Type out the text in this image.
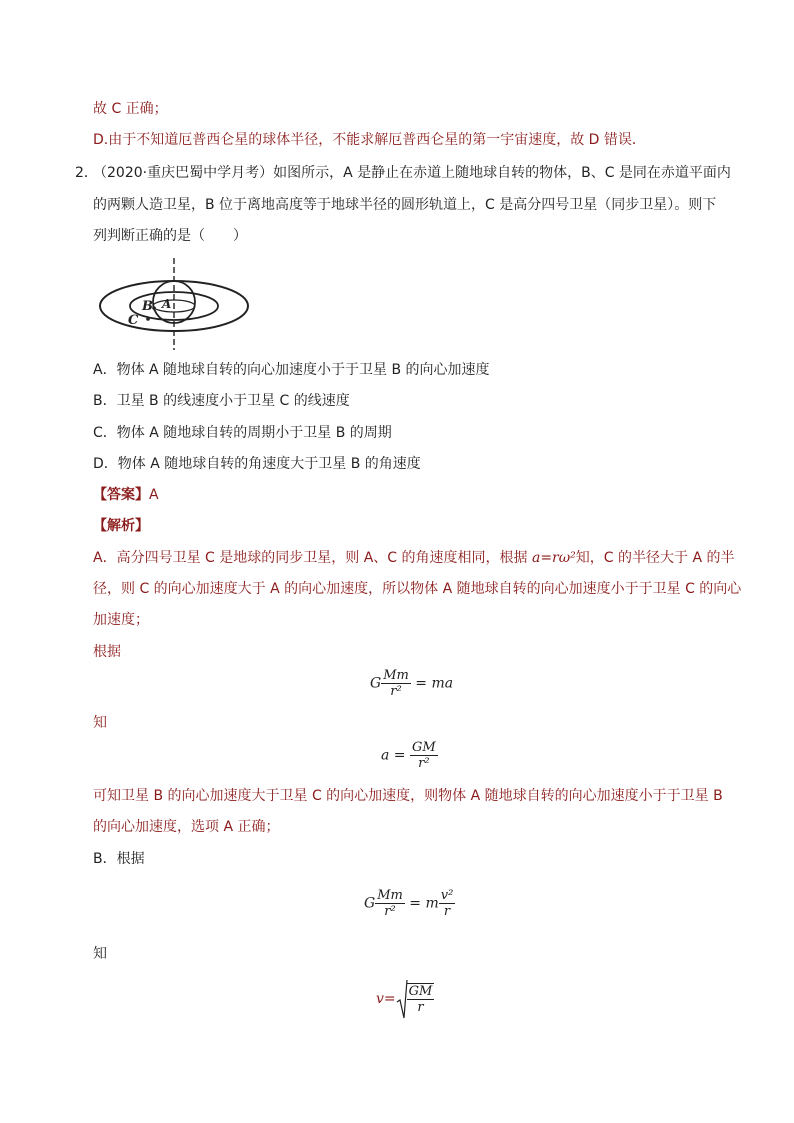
故 C 正确；
D.由于不知道厄普西仑星的球体半径，不能求解厄普西仑星的第一宇宙速度，故 D 错误．
2．
（2020·重庆巴蜀中学月考）如图所示，A 是静止在赤道上随地球自转的物体，B、C 是同在赤道平面内
的两颗人造卫星，B 位于离地高度等于地球半径的圆形轨道上，C 是高分四号卫星（同步卫星）。则下
列判断正确的是（　　）
B A
C
A．物体 A 随地球自转的向心加速度小于于卫星 B 的向心加速度
B．卫星 B 的线速度小于卫星 C 的线速度
C．物体 A 随地球自转的周期小于卫星 B 的周期
D．物体 A 随地球自转的角速度大于卫星 B 的角速度
【答案】A
【解析】
A．高分四号卫星 C 是地球的同步卫星，则 A、C 的角速度相同，根据 a=rω²知，C 的半径大于 A 的半
径，则 C 的向心加速度大于 A 的向心加速度，所以物体 A 随地球自转的向心加速度小于于卫星 C 的向心
加速度；
根据
G $\frac{Mm}{\text{r²}}$ = ma
知
$a = \frac{GM}{\text{r²}}$
可知卫星 B 的向心加速度大于卫星 C 的向心加速度，则物体 A 随地球自转的向心加速度小于于卫星 B
的向心加速度，选项 A 正确；
B．根据
G $\frac{Mm}{\text{r²}} = m \frac{\text{v²}}{r}$
知
$v= \frac{GM}{r}$
